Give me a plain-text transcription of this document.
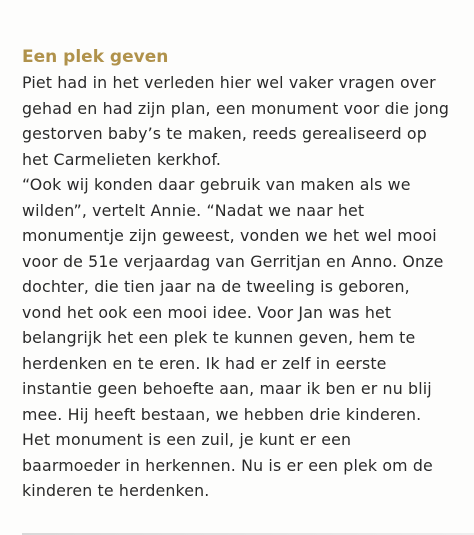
Een plek geven

Piet had in het verleden hier wel vaker vragen over
gehad en had zijn plan, een monument voor die jong
gestorven baby’s te maken, reeds gerealiseerd op
het Carmelieten kerkhof.

“Ook wij konden daar gebruik van maken als we
wilden”, vertelt Annie. “Nadat we naar het
monumentje zijn geweest, vonden we het wel mooi
voor de 51e verjaardag van Gerritjan en Anno. Onze
dochter, die tien jaar na de tweeling is geboren,
vond het ook een mooi idee. Voor Jan was het
belangrijk het een plek te kunnen geven, hem te
herdenken en te eren. Ik had er zelf in eerste
instantie geen behoefte aan, maar ik ben er nu blij
mee. Hij heeft bestaan, we hebben drie kinderen.
Het monument is een zuil, je kunt er een
baarmoeder in herkennen. Nu is er een plek om de
kinderen te herdenken.
